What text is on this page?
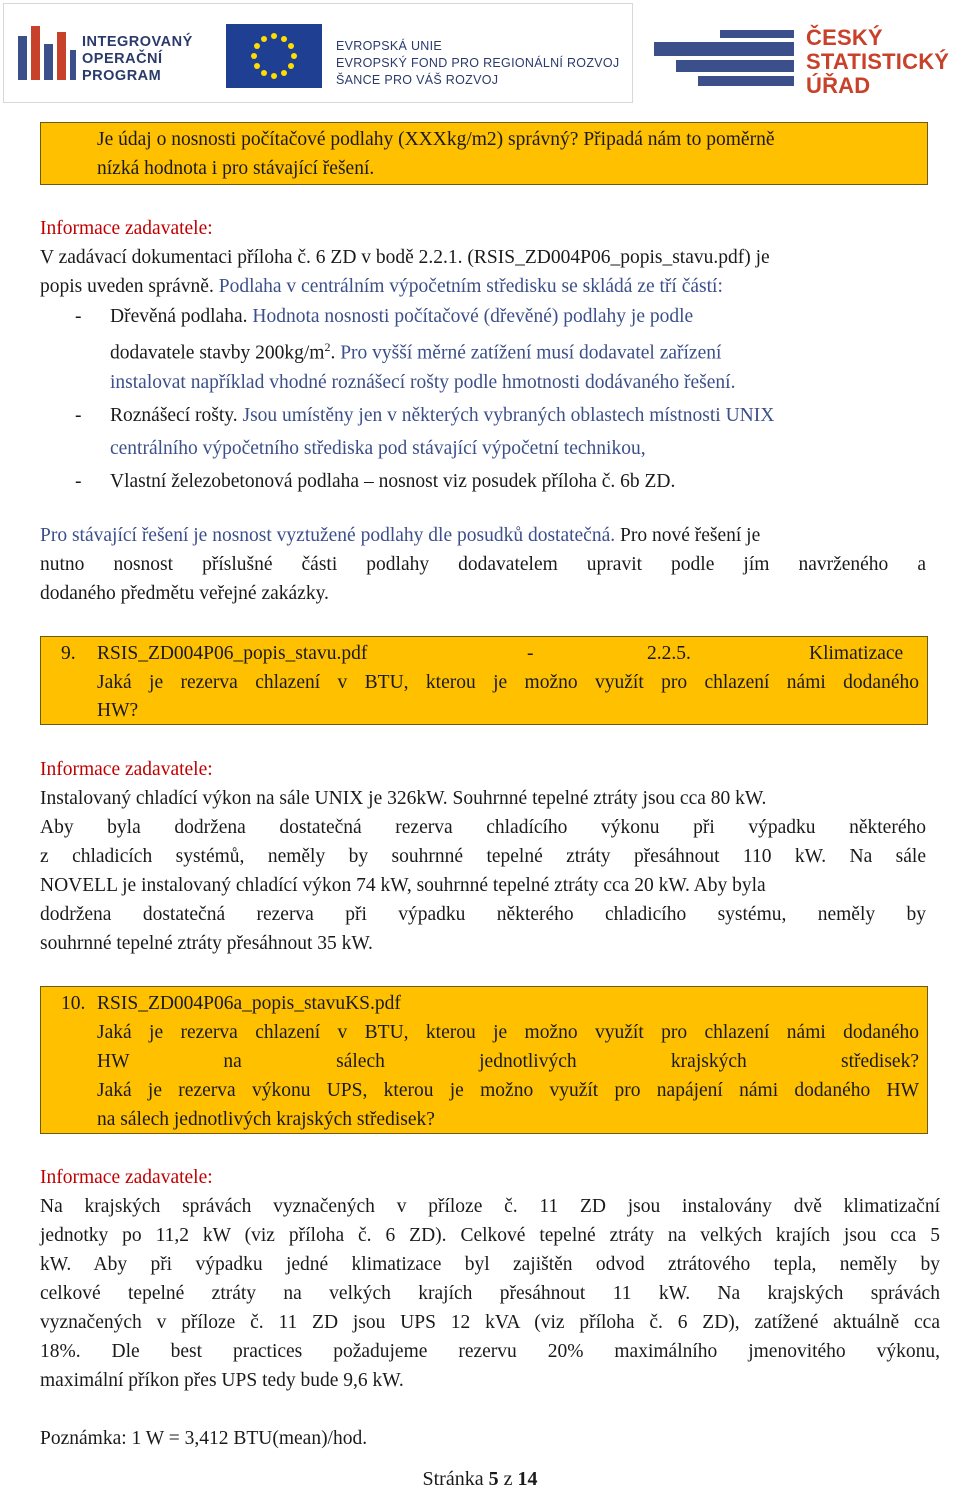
INTEGROVANÝ
OPERAČNÍ
PROGRAM
EVROPSKÁ UNIE
EVROPSKÝ FOND PRO REGIONÁLNÍ ROZVOJ
ŠANCE PRO VÁŠ ROZVOJ
ČESKÝ
STATISTICKÝ
ÚŘAD
Je údaj o nosnosti počítačové podlahy (XXXkg/m2) správný? Připadá nám to poměrně
nízká hodnota i pro stávající řešení.
Informace zadavatele:
V zadávací dokumentaci příloha č. 6 ZD v bodě 2.2.1. (RSIS_ZD004P06_popis_stavu.pdf) je
popis uveden správně. Podlaha v centrálním výpočetním středisku se skládá ze tří částí:
- Dřevěná podlaha. Hodnota nosnosti počítačové (dřevěné) podlahy je podle
dodavatele stavby $200kg/m^2$. Pro vyšší měrné zatížení musí dodavatel zařízení
instalovat například vhodné roznášecí rošty podle hmotnosti dodávaného řešení.
- Roznášecí rošty. Jsou umístěny jen v některých vybraných oblastech místnosti UNIX
centrálního výpočetního střediska pod stávající výpočetní technikou,
- Vlastní železobetonová podlaha – nosnost viz posudek příloha č. 6b ZD.
Pro stávající řešení je nosnost vyztužené podlahy dle posudků dostatečná. Pro nové řešení je
nutno nosnost příslušné části podlahy dodavatelem upravit podle jím navrženého a
dodaného předmětu veřejné zakázky.
9. RSIS_ZD004P06_popis_stavu.pdf	-	2.2.5.	Klimatizace
Jaká je rezerva chlazení v BTU, kterou je možno využít pro chlazení námi dodaného
HW?
Informace zadavatele:
Instalovaný chladící výkon na sále UNIX je 326kW. Souhrnné tepelné ztráty jsou cca 80 kW.
Aby byla dodržena dostatečná rezerva chladícího výkonu při výpadku některého
z chladicích systémů, neměly by souhrnné tepelné ztráty přesáhnout 110 kW. Na sále
NOVELL je instalovaný chladící výkon 74 kW, souhrnné tepelné ztráty cca 20 kW. Aby byla
dodržena dostatečná rezerva při výpadku některého chladicího systému, neměly by
souhrnné tepelné ztráty přesáhnout 35 kW.
10. RSIS_ZD004P06a_popis_stavuKS.pdf
Jaká je rezerva chlazení v BTU, kterou je možno využít pro chlazení námi dodaného
HW na sálech jednotlivých krajských středisek?
Jaká je rezerva výkonu UPS, kterou je možno využít pro napájení námi dodaného HW
na sálech jednotlivých krajských středisek?
Informace zadavatele:
Na krajských správách vyznačených v příloze č. 11 ZD jsou instalovány dvě klimatizační
jednotky po 11,2 kW (viz příloha č. 6 ZD). Celkové tepelné ztráty na velkých krajích jsou cca 5
kW. Aby při výpadku jedné klimatizace byl zajištěn odvod ztrátového tepla, neměly by
celkové tepelné ztráty na velkých krajích přesáhnout 11 kW. Na krajských správách
vyznačených v příloze č. 11 ZD jsou UPS 12 kVA (viz příloha č. 6 ZD), zatížené aktuálně cca
18%. Dle best practices požadujeme rezervu 20% maximálního jmenovitého výkonu,
maximální příkon přes UPS tedy bude 9,6 kW.
Poznámka: 1 W = 3,412 BTU(mean)/hod.
Stránka 5 z 14
